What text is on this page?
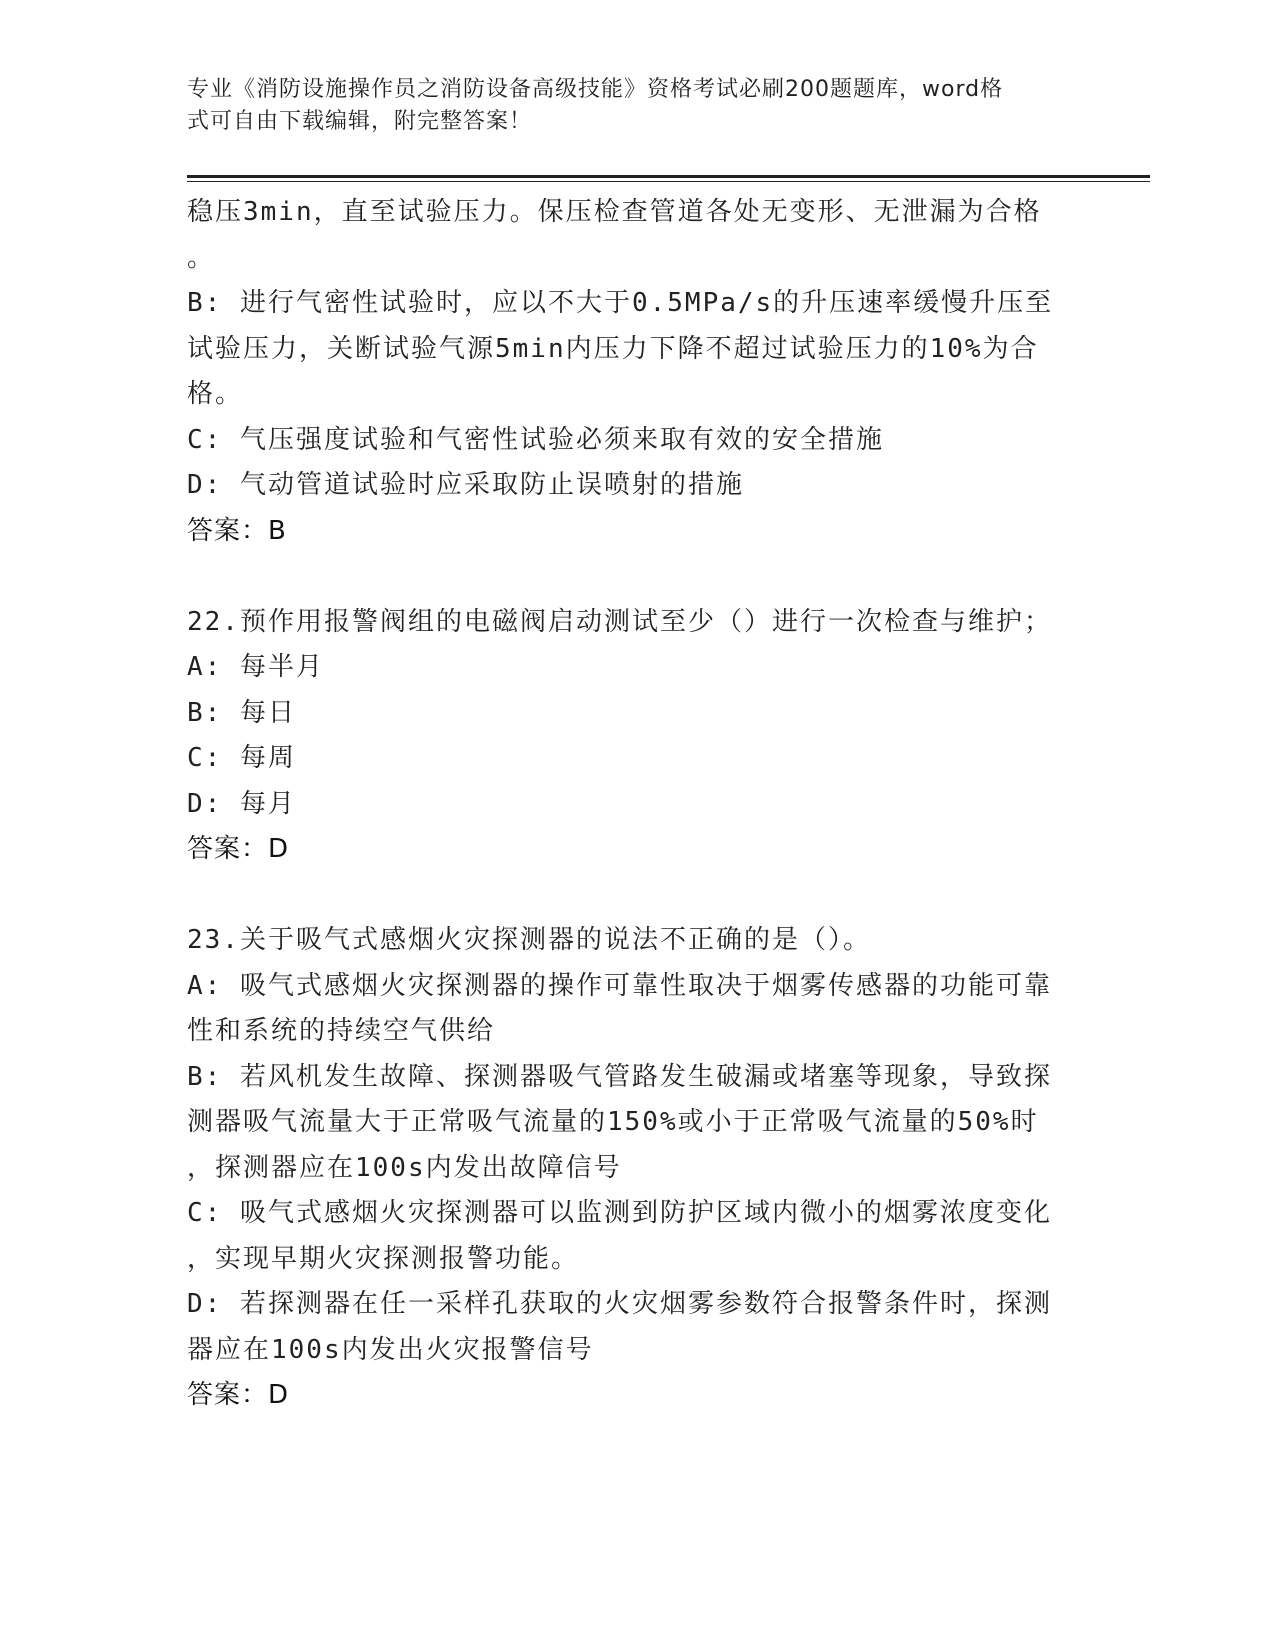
专业《消防设施操作员之消防设备高级技能》资格考试必刷200题题库，word格
式可自由下载编辑，附完整答案！
稳压3min，直至试验压力。保压检查管道各处无变形、无泄漏为合格
。
B: 进行气密性试验时，应以不大于0.5MPa/s的升压速率缓慢升压至
试验压力，关断试验气源5min内压力下降不超过试验压力的10%为合
格。
C: 气压强度试验和气密性试验必须来取有效的安全措施
D: 气动管道试验时应采取防止误喷射的措施
答案：B
22.预作用报警阀组的电磁阀启动测试至少（）进行一次检查与维护；
A: 每半月
B: 每日
C: 每周
D: 每月
答案：D
23.关于吸气式感烟火灾探测器的说法不正确的是（）。
A: 吸气式感烟火灾探测器的操作可靠性取决于烟雾传感器的功能可靠
性和系统的持续空气供给
B: 若风机发生故障、探测器吸气管路发生破漏或堵塞等现象，导致探
测器吸气流量大于正常吸气流量的150%或小于正常吸气流量的50%时
，探测器应在100s内发出故障信号
C: 吸气式感烟火灾探测器可以监测到防护区域内微小的烟雾浓度变化
，实现早期火灾探测报警功能。
D: 若探测器在任一采样孔获取的火灾烟雾参数符合报警条件时，探测
器应在100s内发出火灾报警信号
答案：D
